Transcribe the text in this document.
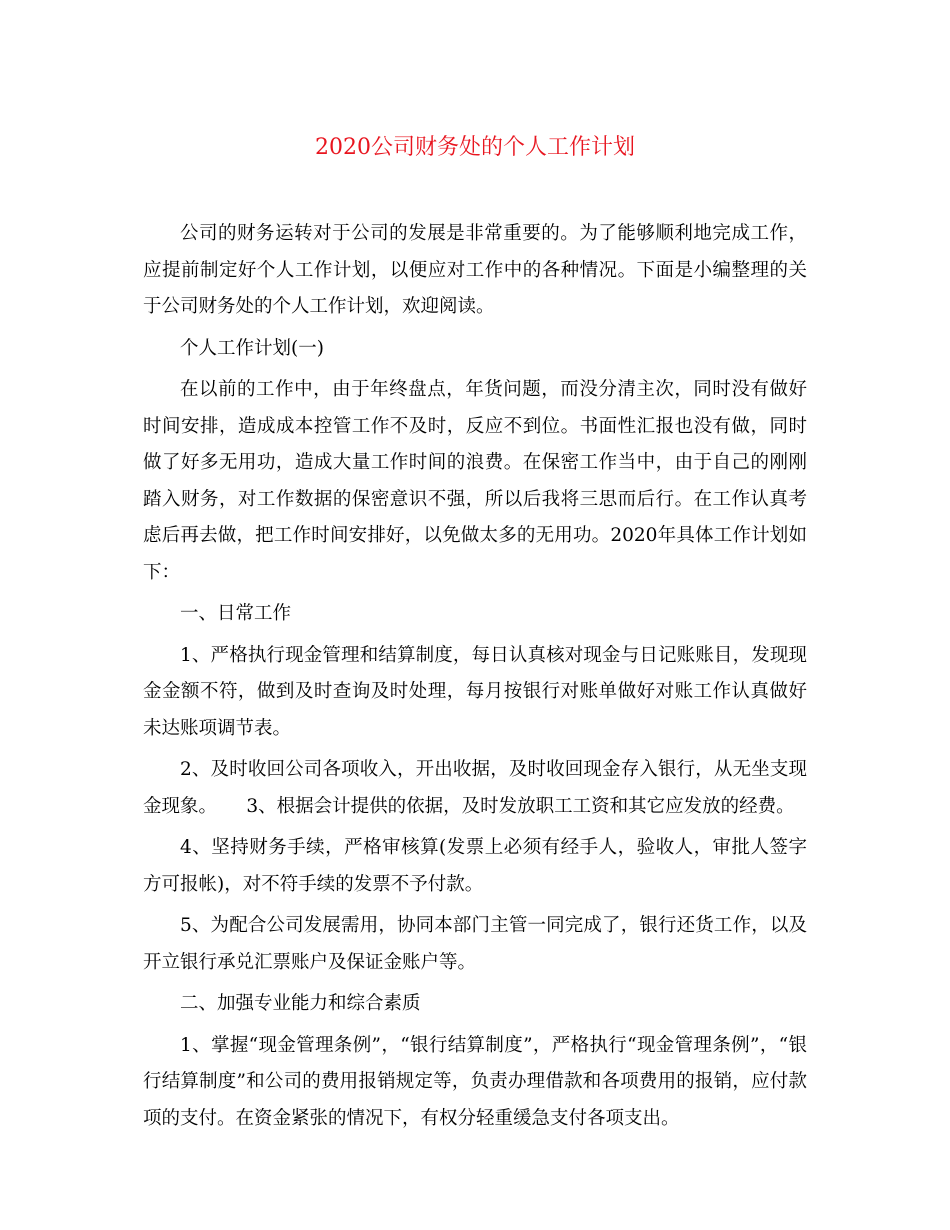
2020公司财务处的个人工作计划

公司的财务运转对于公司的发展是非常重要的。为了能够顺利地完成工作，应提前制定好个人工作计划，以便应对工作中的各种情况。下面是小编整理的关于公司财务处的个人工作计划，欢迎阅读。

个人工作计划(一)

在以前的工作中，由于年终盘点，年货问题，而没分清主次，同时没有做好时间安排，造成成本控管工作不及时，反应不到位。书面性汇报也没有做，同时做了好多无用功，造成大量工作时间的浪费。在保密工作当中，由于自己的刚刚踏入财务，对工作数据的保密意识不强，所以后我将三思而后行。在工作认真考虑后再去做，把工作时间安排好，以免做太多的无用功。2020年具体工作计划如下：

一、日常工作

1、严格执行现金管理和结算制度，每日认真核对现金与日记账账目，发现现金金额不符，做到及时查询及时处理，每月按银行对账单做好对账工作认真做好未达账项调节表。

2、及时收回公司各项收入，开出收据，及时收回现金存入银行，从无坐支现金现象。     3、根据会计提供的依据，及时发放职工工资和其它应发放的经费。

4、坚持财务手续，严格审核算(发票上必须有经手人，验收人，审批人签字方可报帐)，对不符手续的发票不予付款。

5、为配合公司发展需用，协同本部门主管一同完成了，银行还货工作，以及开立银行承兑汇票账户及保证金账户等。

二、加强专业能力和综合素质

1、掌握“现金管理条例”，“银行结算制度”，严格执行“现金管理条例”，“银行结算制度”和公司的费用报销规定等，负责办理借款和各项费用的报销，应付款项的支付。在资金紧张的情况下，有权分轻重缓急支付各项支出。
